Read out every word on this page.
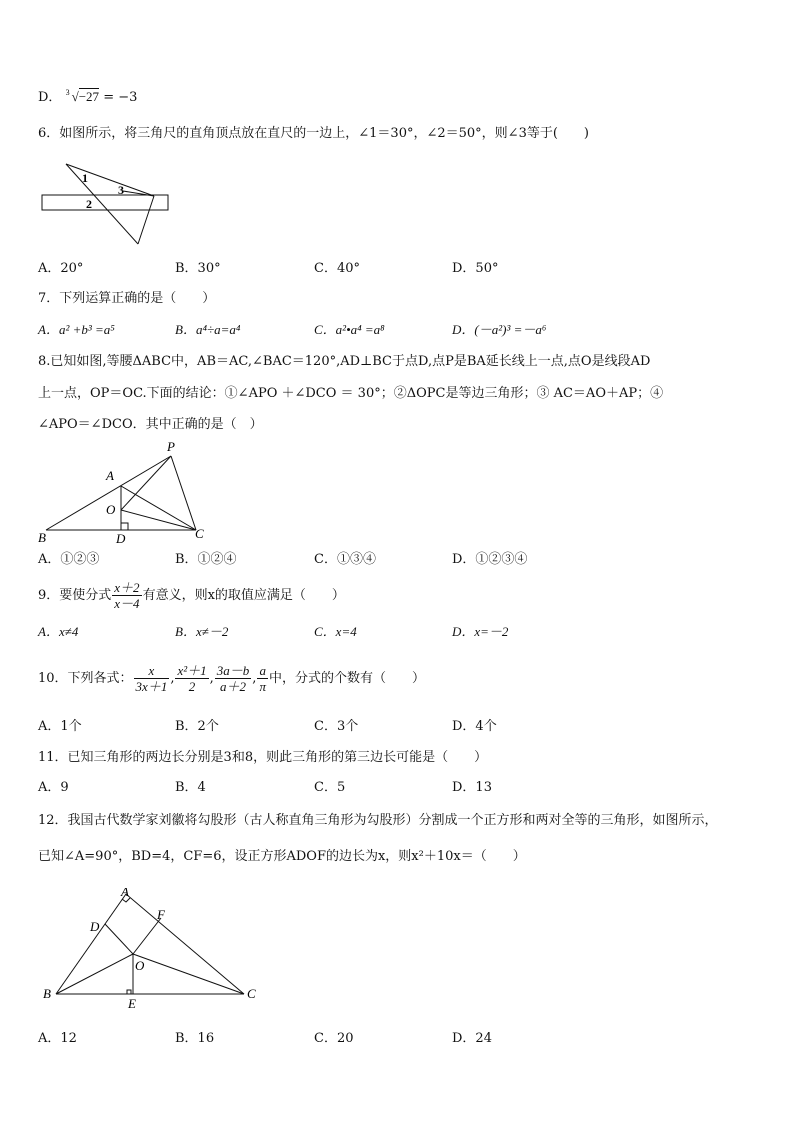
D． 3 √−27 = −3
6．如图所示，将三角尺的直角顶点放在直尺的一边上，∠1＝30°，∠2＝50°，则∠3等于(　　)
1
2
3
A．20°	B．30°	C．40°	D．50°
7．下列运算正确的是（　　）
A．a² +b³ =a⁵	B．a⁴÷a=a⁴	C．a²•a⁴ =a⁸	D．(－a²)³ =－a⁶
8.已知如图,等腰ΔABC中，AB＝AC,∠BAC＝120°,AD⊥BC于点D,点P是BA延长线上一点,点O是线段AD
上一点，OP＝OC.下面的结论：①∠APO ＋∠DCO ＝ 30°；②ΔOPC是等边三角形；③ AC＝AO＋AP；④
∠APO＝∠DCO．其中正确的是（　）
P
A
O
B	D	C
A．①②③	B．①②④	C．①③④	D．①②③④
9．要使分式 $\frac{x+2}{x-4}$ 有意义，则x的取值应满足（　　）
A．x≠4	B．x≠－2	C．x=4	D．x=－2
10．下列各式： $\frac{x}{3x+1}$ , $\frac{\text{x²＋1}}{2}$ , $\frac{3a-b}{a+2}$ , $\frac{a}{\pi}$ 中，分式的个数有（　　）
A．1个	B．2个	C．3个	D．4个
11．已知三角形的两边长分别是3和8，则此三角形的第三边长可能是（　　）
A．9	B．4	C．5	D．13
12．我国古代数学家刘徽将勾股形（古人称直角三角形为勾股形）分割成一个正方形和两对全等的三角形，如图所示，
已知∠A=90°，BD=4，CF=6，设正方形ADOF的边长为x，则x²＋10x＝（　　）
A
D
F
O
B
E
C
A．12	B．16	C．20	D．24
